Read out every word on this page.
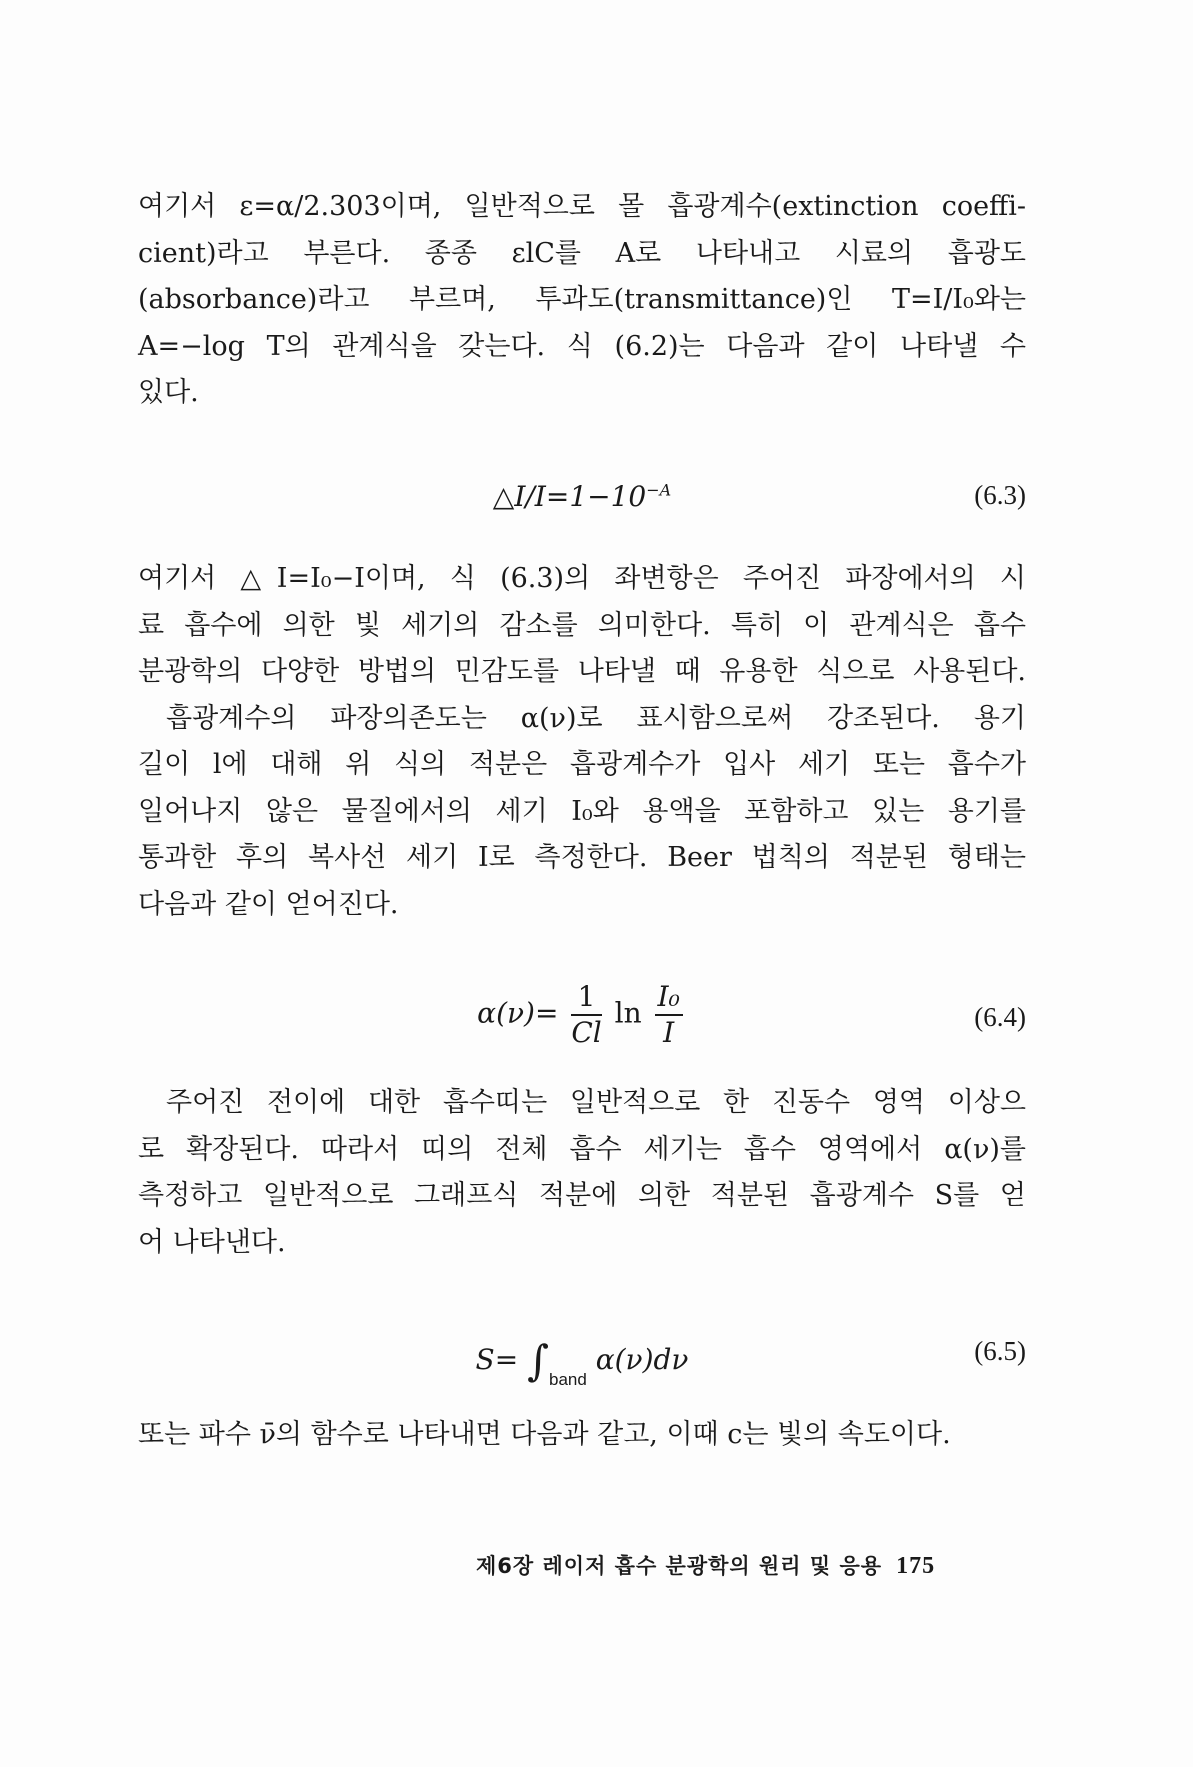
여기서 ε=α/2.303이며, 일반적으로 몰 흡광계수(extinction coeffi-
cient)라고 부른다. 종종 εlC를 A로 나타내고 시료의 흡광도
(absorbance)라고 부르며, 투과도(transmittance)인 T=I/I₀와는
A=−log T의 관계식을 갖는다. 식 (6.2)는 다음과 같이 나타낼 수
있다.

$\triangle I/I=1-10^{-A}$	(6.3)

여기서 △I=I₀−I이며, 식 (6.3)의 좌변항은 주어진 파장에서의 시
료 흡수에 의한 빛 세기의 감소를 의미한다. 특히 이 관계식은 흡수
분광학의 다양한 방법의 민감도를 나타낼 때 유용한 식으로 사용된다.
흡광계수의 파장의존도는 α(ν)로 표시함으로써 강조된다. 용기
길이 l에 대해 위 식의 적분은 흡광계수가 입사 세기 또는 흡수가
일어나지 않은 물질에서의 세기 I₀와 용액을 포함하고 있는 용기를
통과한 후의 복사선 세기 I로 측정한다. Beer 법칙의 적분된 형태는
다음과 같이 얻어진다.

$\alpha(\nu)= \frac{1}{Cl}$ $\ln \frac{\text{I₀}}{I}$	(6.4)

주어진 전이에 대한 흡수띠는 일반적으로 한 진동수 영역 이상으
로 확장된다. 따라서 띠의 전체 흡수 세기는 흡수 영역에서 α(ν)를
측정하고 일반적으로 그래프식 적분에 의한 적분된 흡광계수 S를 얻
어 나타낸다.

$S= \int_{band}$ α(ν)dν	(6.5)

또는 파수 ν̄의 함수로 나타내면 다음과 같고, 이때 c는 빛의 속도이다.

제6장 레이저 흡수 분광학의 원리 및 응용 175
